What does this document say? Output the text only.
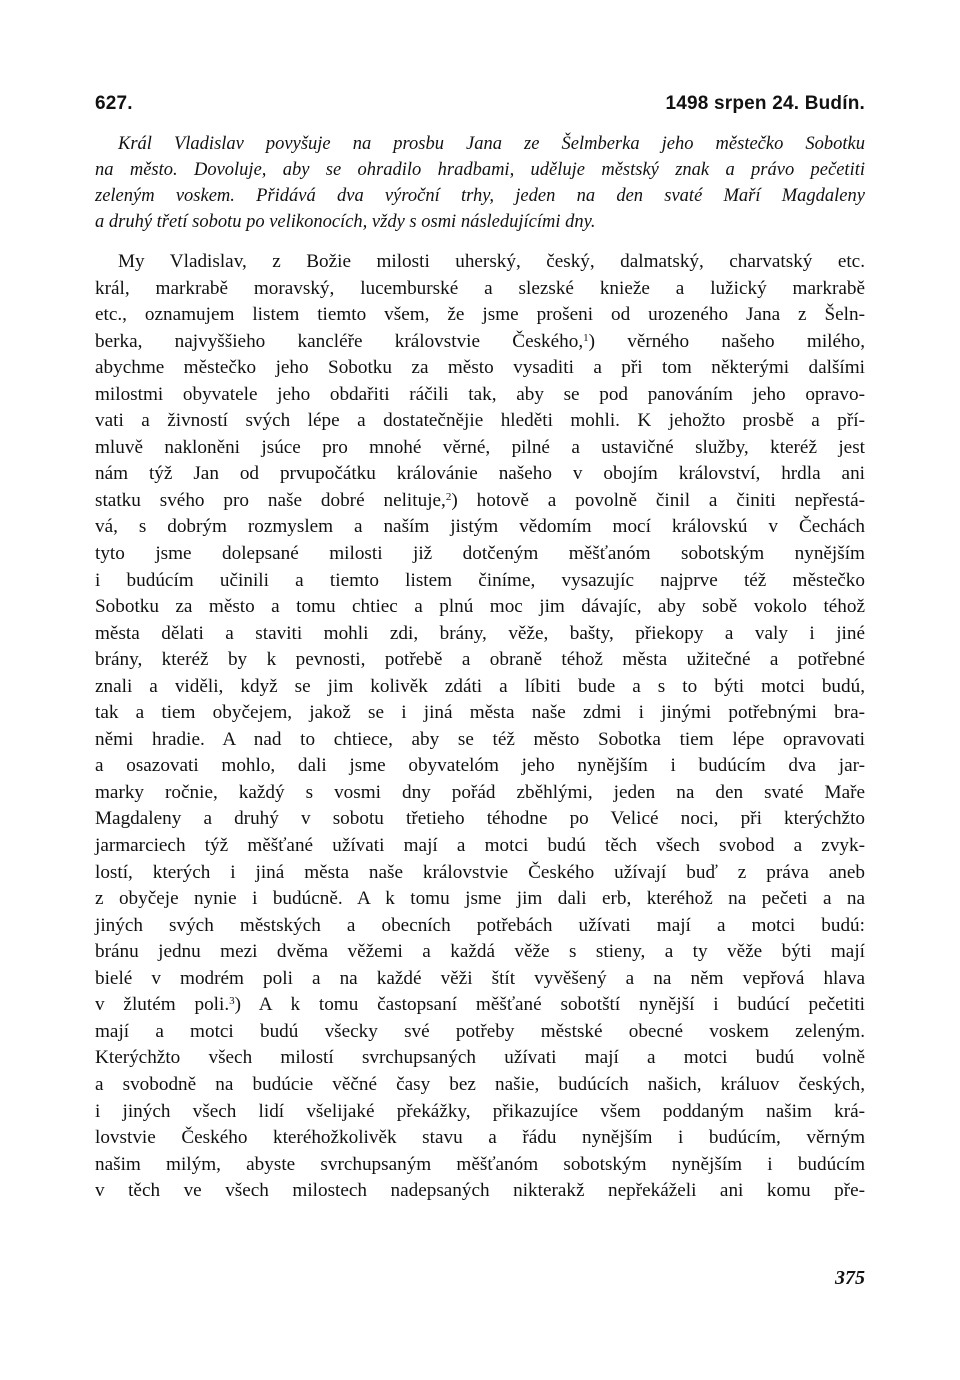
627.	1498 srpen 24. Budín.
Král Vladislav povyšuje na prosbu Jana ze Šelmberka jeho městečko Sobotku
na město. Dovoluje, aby se ohradilo hradbami, uděluje městský znak a právo pečetiti
zeleným voskem. Přidává dva výroční trhy, jeden na den svaté Maří Magdaleny
a druhý třetí sobotu po velikonocích, vždy s osmi následujícími dny.
My Vladislav, z Božie milosti uherský, český, dalmatský, charvatský etc.
král, markrabě moravský, lucemburské a slezské knieže a lužický markrabě
etc., oznamujem listem tiemto všem, že jsme prošeni od urozeného Jana z Šeln-
berka, najvyššieho kancléře královstvie Českého,$^1$) věrného našeho milého,
abychme městečko jeho Sobotku za město vysaditi a při tom některými dalšími
milostmi obyvatele jeho obdařiti ráčili tak, aby se pod panováním jeho opravo-
vati a živností svých lépe a dostatečnějie hleděti mohli. K jehožto prosbě a pří-
mluvě nakloněni jsúce pro mnohé věrné, pilné a ustavičné služby, kteréž jest
nám týž Jan od prvupočátku královánie našeho v obojím království, hrdla ani
statku svého pro naše dobré nelituje,$^2$) hotově a povolně činil a činiti nepřestá-
vá, s dobrým rozmyslem a naším jistým vědomím mocí královskú v Čechách
tyto jsme dolepsané milosti již dotčeným měšťanóm sobotským nynějším
i budúcím učinili a tiemto listem činíme, vysazujíc najprve též městečko
Sobotku za město a tomu chtiec a plnú moc jim dávajíc, aby sobě vokolo téhož
města dělati a staviti mohli zdi, brány, věže, bašty, přiekopy a valy i jiné
brány, kteréž by k pevnosti, potřebě a obraně téhož města užitečné a potřebné
znali a viděli, když se jim kolivěk zdáti a líbiti bude a s to býti motci budú,
tak a tiem obyčejem, jakož se i jiná města naše zdmi i jinými potřebnými bra-
němi hradie. A nad to chtiece, aby se též město Sobotka tiem lépe opravovati
a osazovati mohlo, dali jsme obyvatelóm jeho nynějším i budúcím dva jar-
marky ročnie, každý s vosmi dny pořád zběhlými, jeden na den svaté Maře
Magdaleny a druhý v sobotu třetieho téhodne po Velicé noci, při kterýchžto
jarmarciech týž měšťané užívati mají a motci budú těch všech svobod a zvyk-
lostí, kterých i jiná města naše královstvie Českého užívají buď z práva aneb
z obyčeje nynie i budúcně. A k tomu jsme jim dali erb, kteréhož na pečeti a na
jiných svých městských a obecních potřebách užívati mají a motci budú:
bránu jednu mezi dvěma věžemi a každá věže s stieny, a ty věže býti mají
bielé v modrém poli a na každé věži štít vyvěšený a na něm vepřová hlava
v žlutém poli.$^3$) A k tomu častopsaní měšťané sobotští nynější i budúcí pečetiti
mají a motci budú všecky své potřeby městské obecné voskem zeleným.
Kterýchžto všech milostí svrchupsaných užívati mají a motci budú volně
a svobodně na budúcie věčné časy bez našie, budúcích našich, králuov českých,
i jiných všech lidí všelijaké překážky, přikazujíce všem poddaným našim krá-
lovstvie Českého kteréhožkolivěk stavu a řádu nynějším i budúcím, věrným
našim milým, abyste svrchupsaným měšťanóm sobotským nynějším i budúcím
v těch ve všech milostech nadepsaných nikterakž nepřekáželi ani komu pře-
375
